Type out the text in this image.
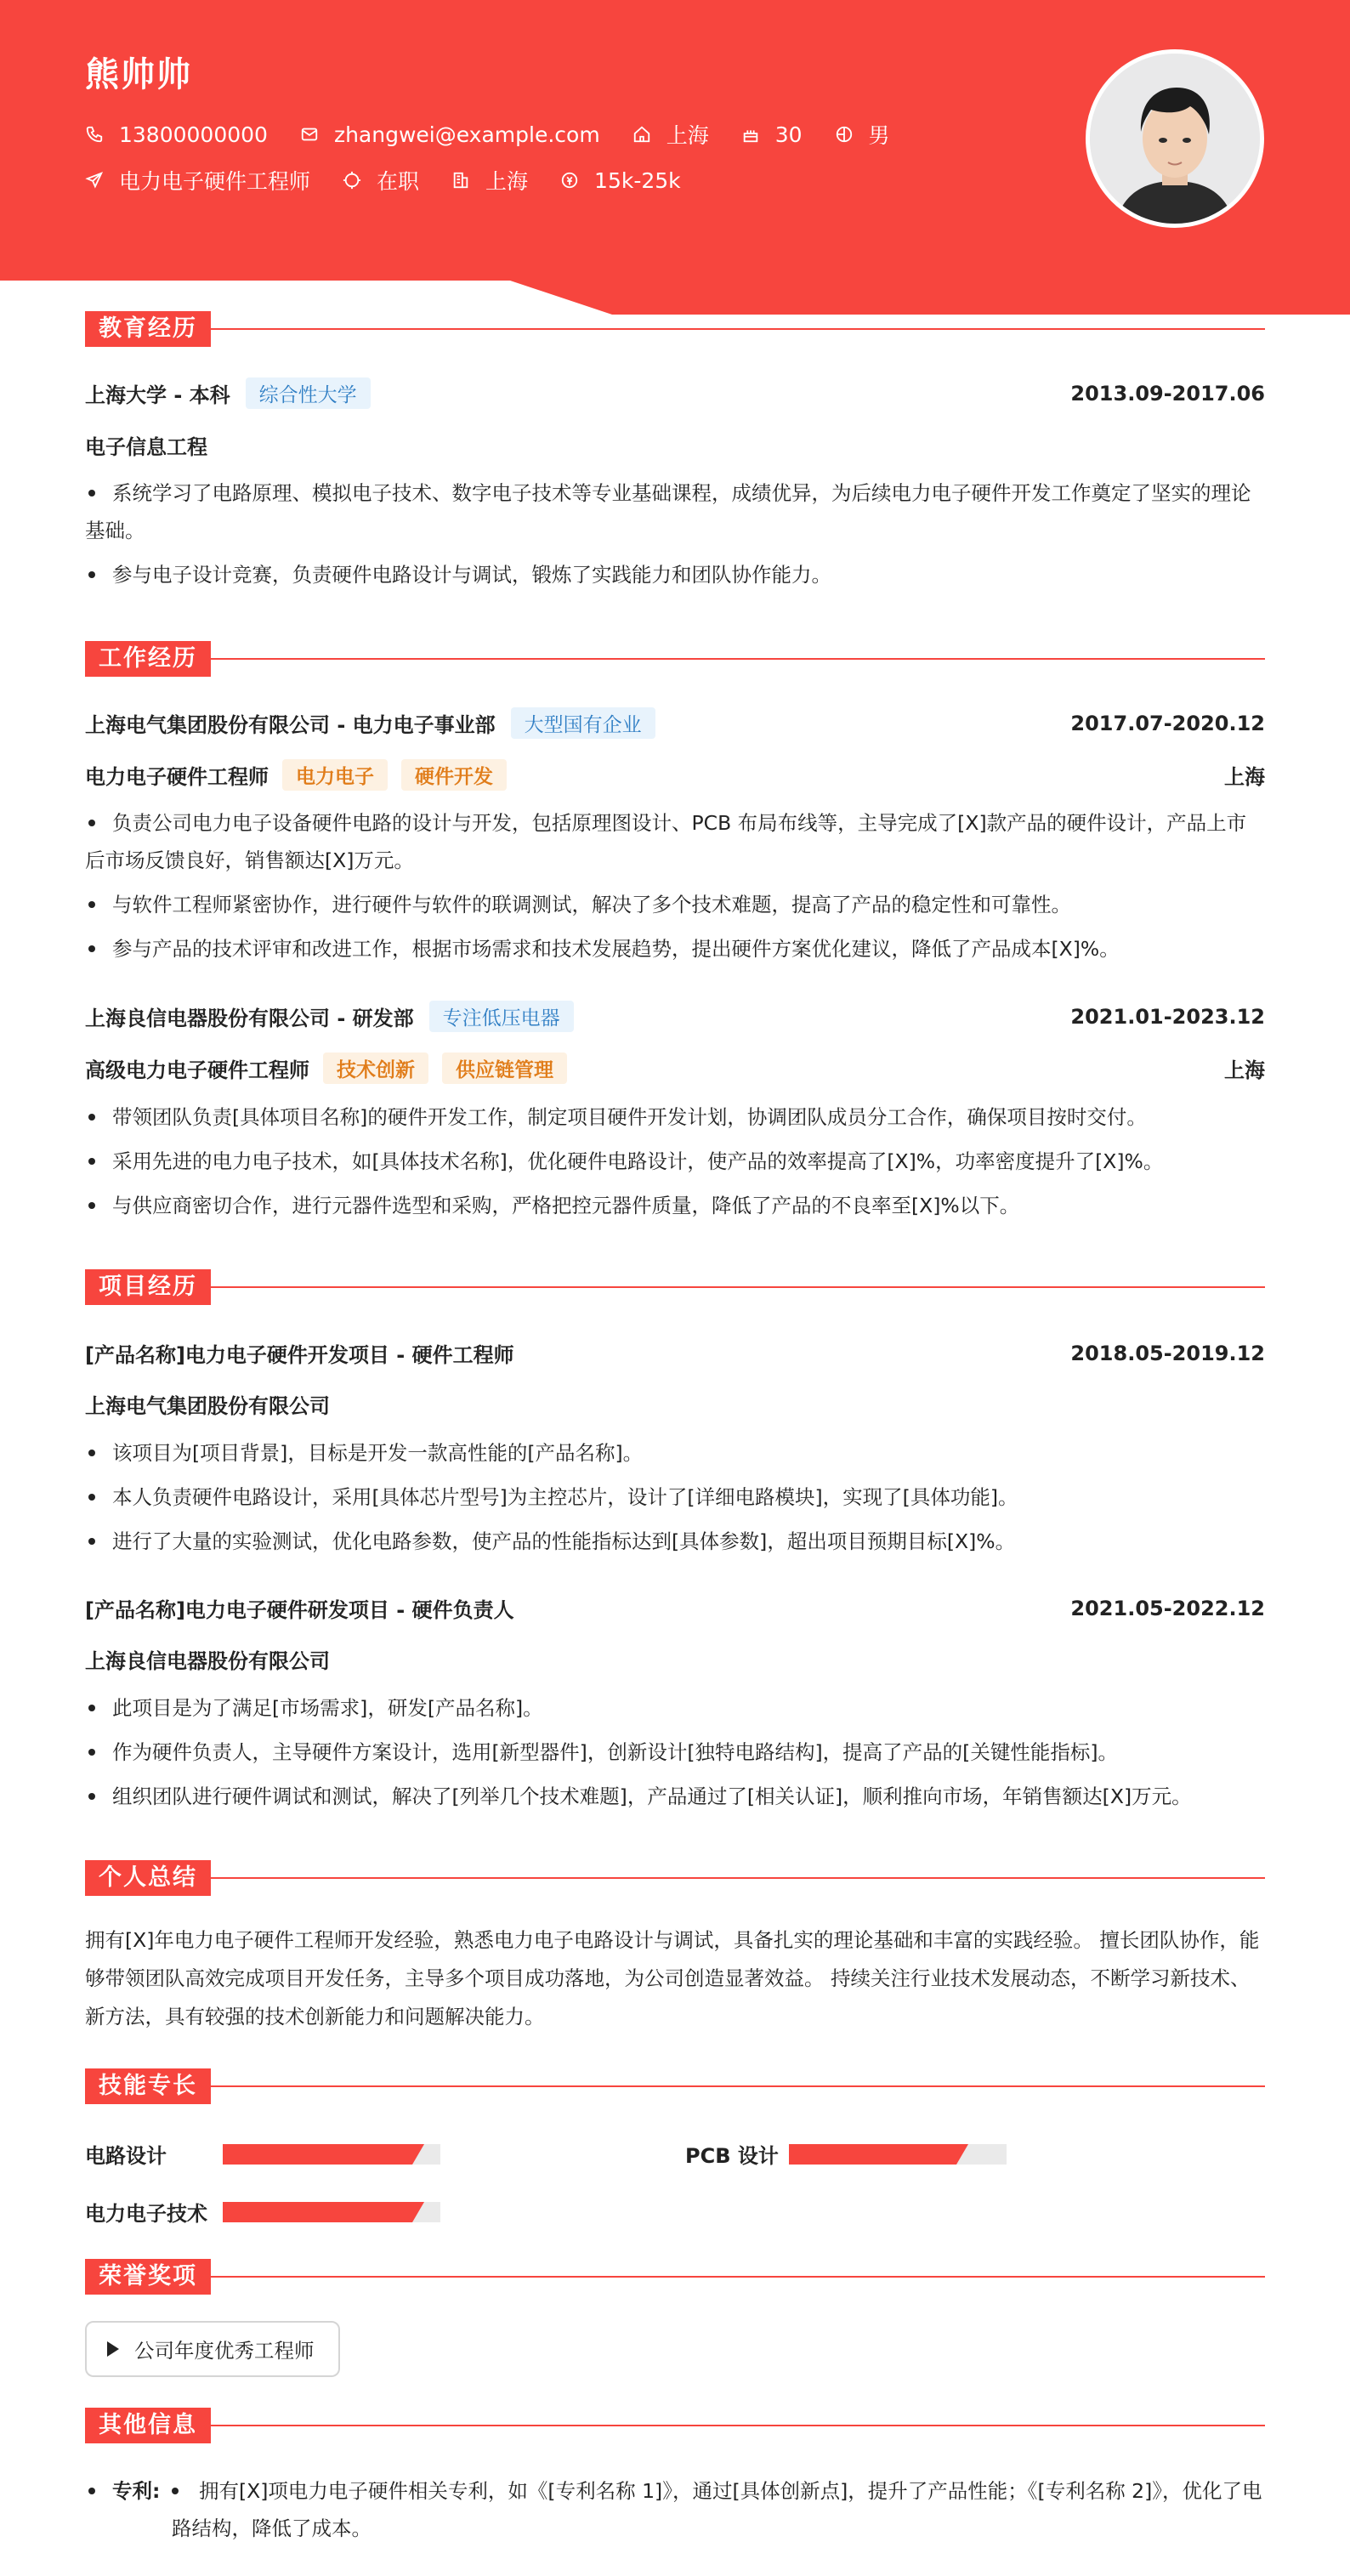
熊帅帅
13800000000	zhangwei@example.com	上海	30	男
电力电子硬件工程师	在职	上海	15k-25k
教育经历
上海大学 - 本科	综合性大学	2013.09-2017.06
电子信息工程
系统学习了电路原理、模拟电子技术、数字电子技术等专业基础课程，成绩优异，为后续电力电子硬件开发工作奠定了坚实的理论基础。
参与电子设计竞赛，负责硬件电路设计与调试，锻炼了实践能力和团队协作能力。
工作经历
上海电气集团股份有限公司 - 电力电子事业部	大型国有企业	2017.07-2020.12
电力电子硬件工程师	电力电子	硬件开发	上海
负责公司电力电子设备硬件电路的设计与开发，包括原理图设计、PCB 布局布线等，主导完成了[X]款产品的硬件设计，产品上市后市场反馈良好，销售额达[X]万元。
与软件工程师紧密协作，进行硬件与软件的联调测试，解决了多个技术难题，提高了产品的稳定性和可靠性。
参与产品的技术评审和改进工作，根据市场需求和技术发展趋势，提出硬件方案优化建议，降低了产品成本[X]%。
上海良信电器股份有限公司 - 研发部	专注低压电器	2021.01-2023.12
高级电力电子硬件工程师	技术创新	供应链管理	上海
带领团队负责[具体项目名称]的硬件开发工作，制定项目硬件开发计划，协调团队成员分工合作，确保项目按时交付。
采用先进的电力电子技术，如[具体技术名称]，优化硬件电路设计，使产品的效率提高了[X]%，功率密度提升了[X]%。
与供应商密切合作，进行元器件选型和采购，严格把控元器件质量，降低了产品的不良率至[X]%以下。
项目经历
[产品名称]电力电子硬件开发项目 - 硬件工程师	2018.05-2019.12
上海电气集团股份有限公司
该项目为[项目背景]，目标是开发一款高性能的[产品名称]。
本人负责硬件电路设计，采用[具体芯片型号]为主控芯片，设计了[详细电路模块]，实现了[具体功能]。
进行了大量的实验测试，优化电路参数，使产品的性能指标达到[具体参数]，超出项目预期目标[X]%。
[产品名称]电力电子硬件研发项目 - 硬件负责人	2021.05-2022.12
上海良信电器股份有限公司
此项目是为了满足[市场需求]，研发[产品名称]。
作为硬件负责人，主导硬件方案设计，选用[新型器件]，创新设计[独特电路结构]，提高了产品的[关键性能指标]。
组织团队进行硬件调试和测试，解决了[列举几个技术难题]，产品通过了[相关认证]，顺利推向市场，年销售额达[X]万元。
个人总结
拥有[X]年电力电子硬件工程师开发经验，熟悉电力电子电路设计与调试，具备扎实的理论基础和丰富的实践经验。 擅长团队协作，能够带领团队高效完成项目开发任务，主导多个项目成功落地，为公司创造显著效益。 持续关注行业技术发展动态，不断学习新技术、新方法，具有较强的技术创新能力和问题解决能力。
技能专长
电路设计	PCB 设计
电力电子技术
荣誉奖项
公司年度优秀工程师
其他信息
专利:	拥有[X]项电力电子硬件相关专利，如《[专利名称 1]》，通过[具体创新点]，提升了产品性能；《[专利名称 2]》，优化了电路结构，降低了成本。
